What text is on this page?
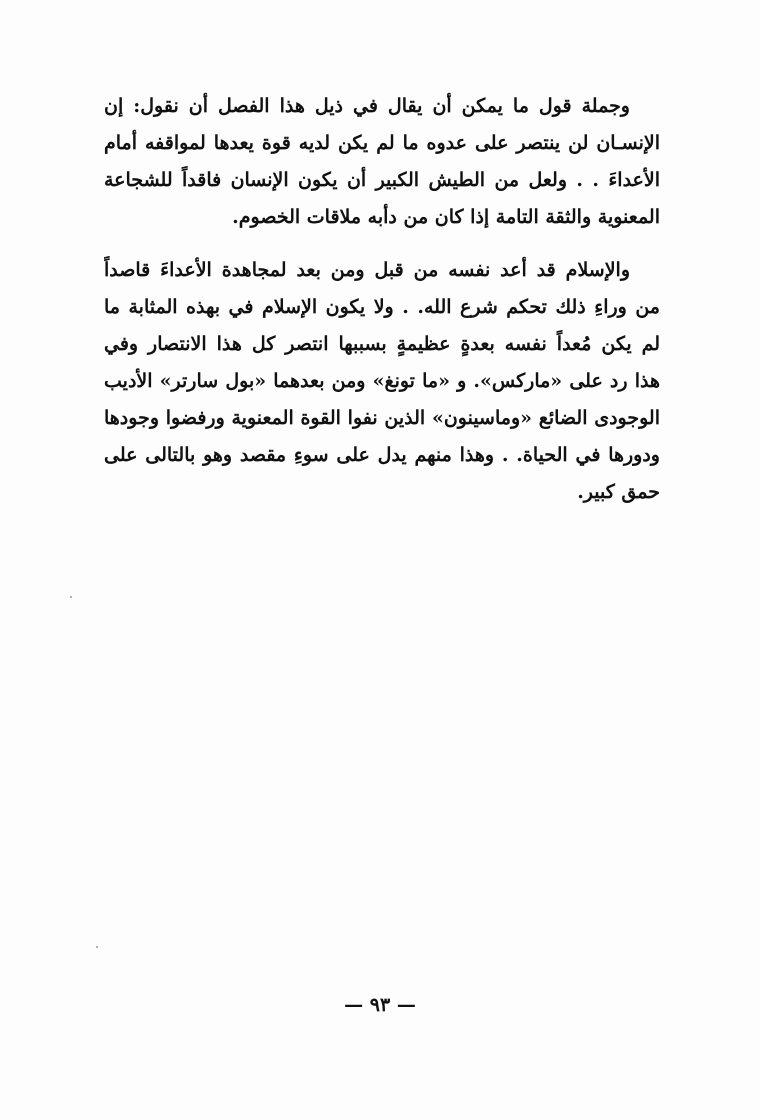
وجملة قول ما يمكن أن يقال في ذيل هذا الفصل أن نقول: إن
الإنسـان لن ينتصر على عدوه ما لم يكن لديه قوة يعدها لمواقفه أمام
الأعداءَ . . ولعل من الطيش الكبير أن يكون الإنسان فاقداً للشجاعة
المعنوية والثقة التامة إذا كان من دأبه ملاقات الخصوم.
والإسلام قد أعد نفسه من قبل ومن بعد لمجاهدة الأعداءَ قاصداً
من وراءِ ذلك تحكم شرع الله. . ولا يكون الإسلام في بهذه المثابة ما
لم يكن مُعداً نفسه بعدةٍ عظيمةٍ بسببها انتصر كل هذا الانتصار وفي
هذا رد على «ماركس». و «ما تونغ» ومن بعدهما «بول سارتر» الأديب
الوجودى الضائع «وماسينون» الذين نفوا القوة المعنوية ورفضوا وجودها
ودورها في الحياة. . وهذا منهم يدل على سوءِ مقصد وهو بالتالى على
حمق كبير.
— ٩٣ —
